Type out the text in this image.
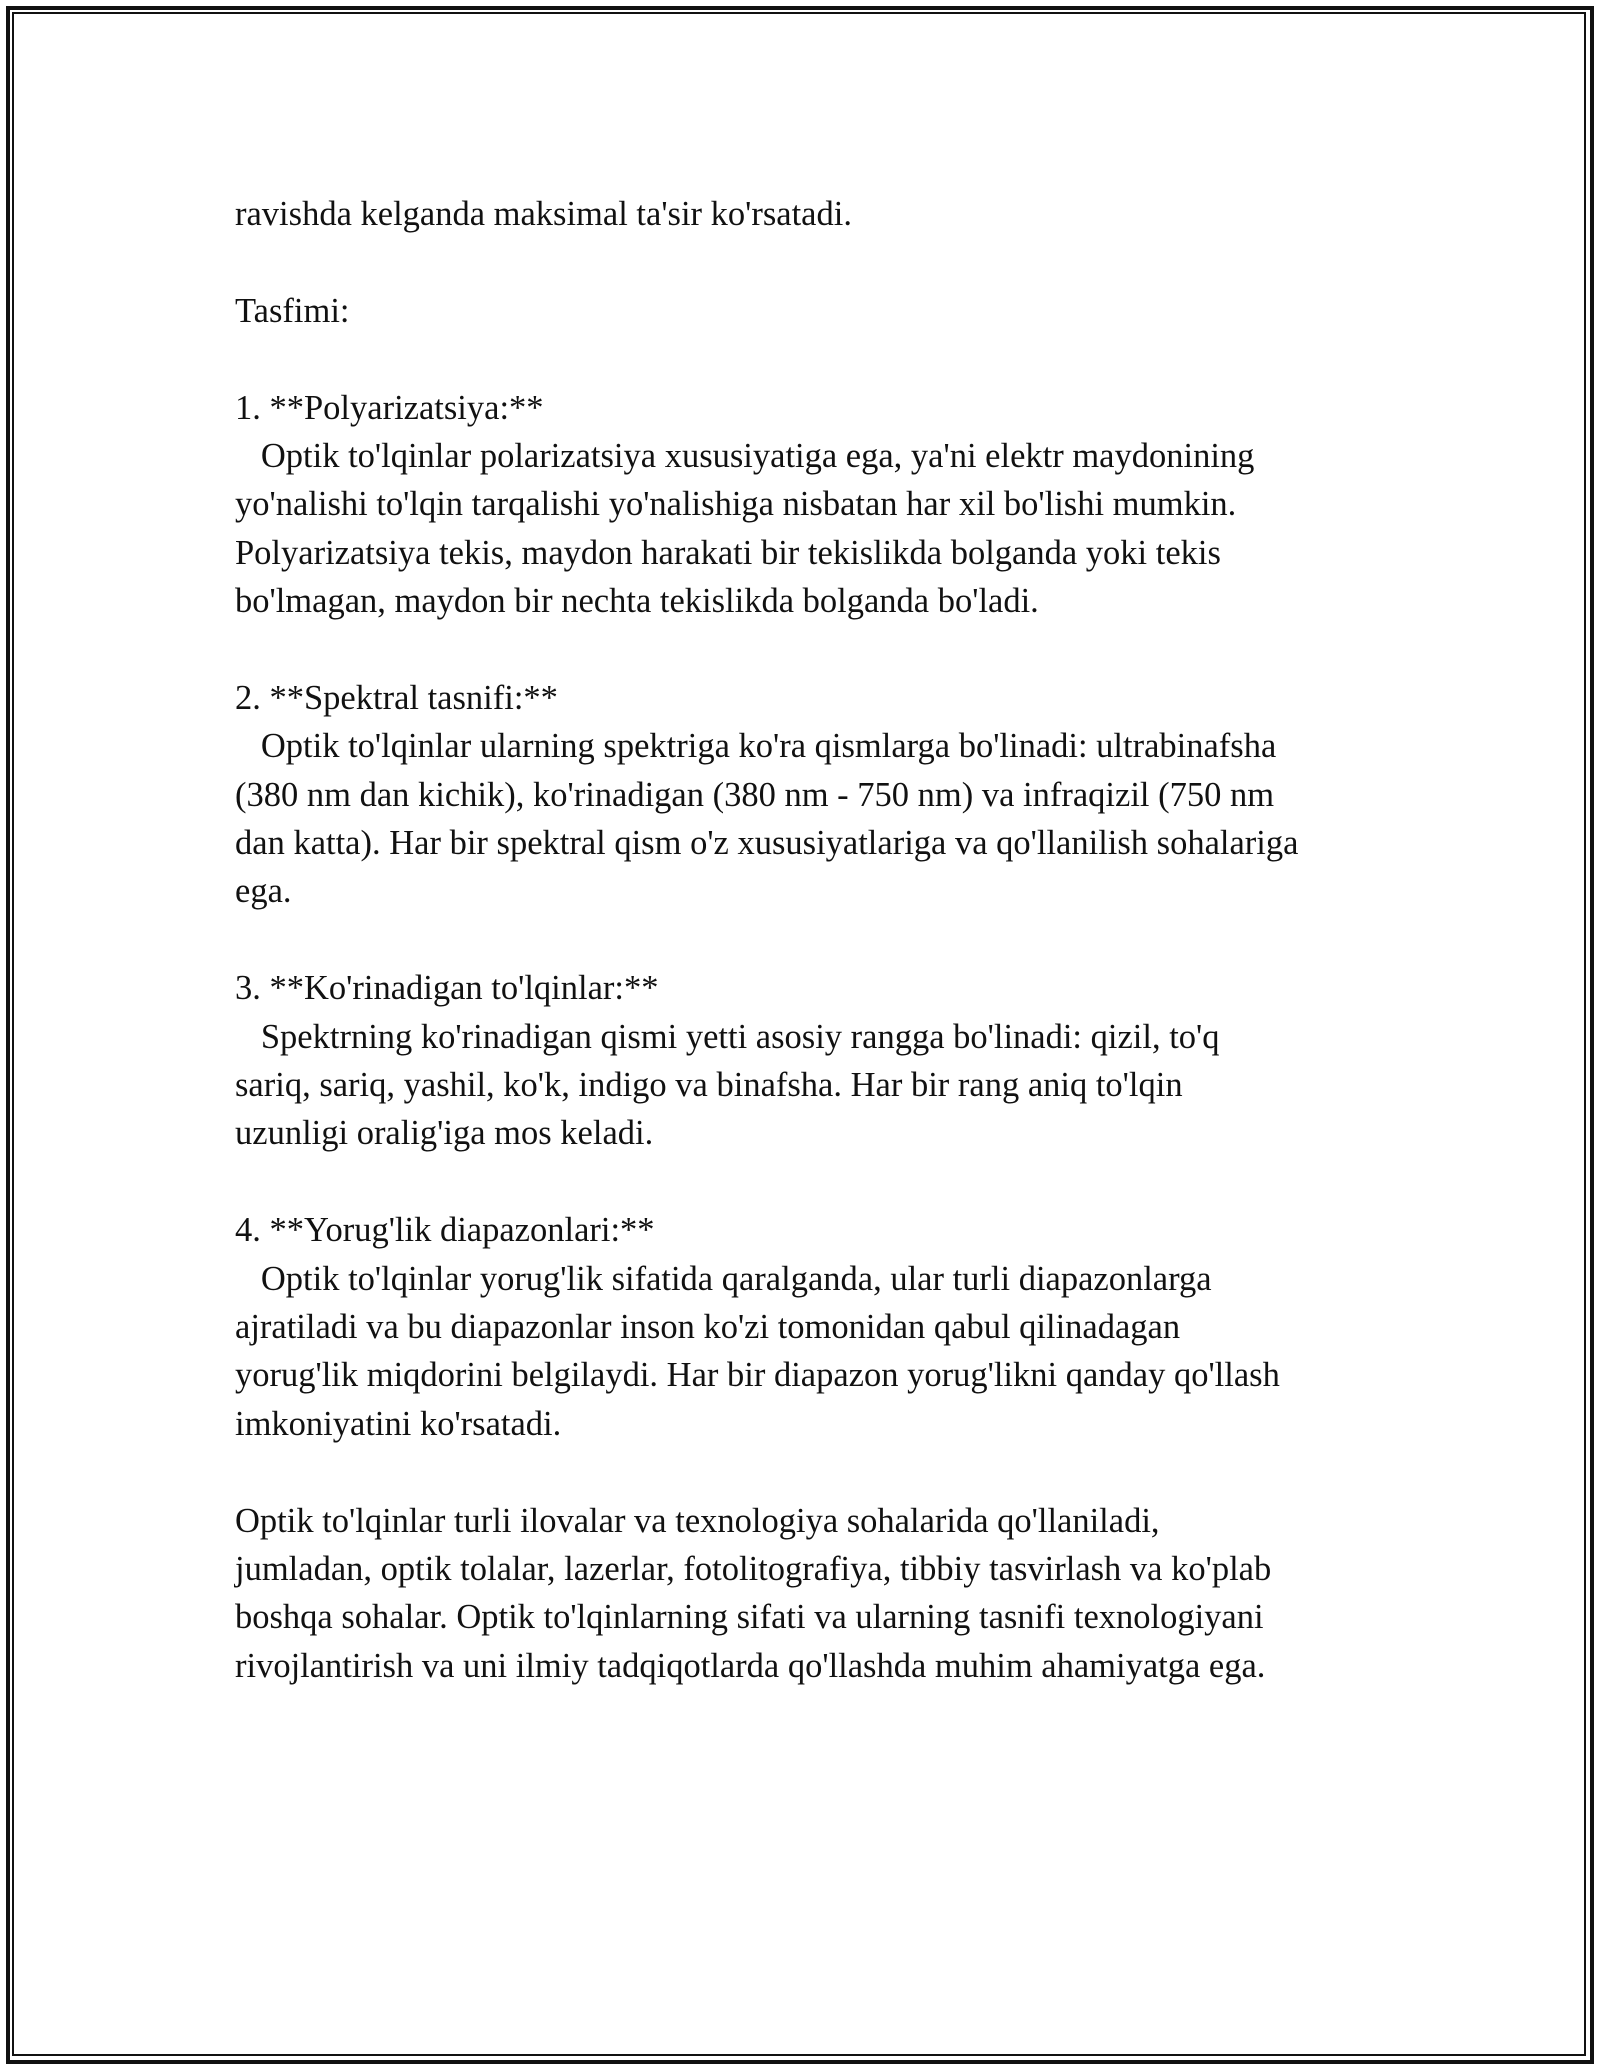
ravishda kelganda maksimal ta'sir ko'rsatadi.
Tasfimi:
1. **Polyarizatsiya:**
Optik to'lqinlar polarizatsiya xususiyatiga ega, ya'ni elektr maydonining
yo'nalishi to'lqin tarqalishi yo'nalishiga nisbatan har xil bo'lishi mumkin.
Polyarizatsiya tekis, maydon harakati bir tekislikda bolganda yoki tekis
bo'lmagan, maydon bir nechta tekislikda bolganda bo'ladi.
2. **Spektral tasnifi:**
Optik to'lqinlar ularning spektriga ko'ra qismlarga bo'linadi: ultrabinafsha
(380 nm dan kichik), ko'rinadigan (380 nm - 750 nm) va infraqizil (750 nm
dan katta). Har bir spektral qism o'z xususiyatlariga va qo'llanilish sohalariga
ega.
3. **Ko'rinadigan to'lqinlar:**
Spektrning ko'rinadigan qismi yetti asosiy rangga bo'linadi: qizil, to'q
sariq, sariq, yashil, ko'k, indigo va binafsha. Har bir rang aniq to'lqin
uzunligi oralig'iga mos keladi.
4. **Yorug'lik diapazonlari:**
Optik to'lqinlar yorug'lik sifatida qaralganda, ular turli diapazonlarga
ajratiladi va bu diapazonlar inson ko'zi tomonidan qabul qilinadagan
yorug'lik miqdorini belgilaydi. Har bir diapazon yorug'likni qanday qo'llash
imkoniyatini ko'rsatadi.
Optik to'lqinlar turli ilovalar va texnologiya sohalarida qo'llaniladi,
jumladan, optik tolalar, lazerlar, fotolitografiya, tibbiy tasvirlash va ko'plab
boshqa sohalar. Optik to'lqinlarning sifati va ularning tasnifi texnologiyani
rivojlantirish va uni ilmiy tadqiqotlarda qo'llashda muhim ahamiyatga ega.
